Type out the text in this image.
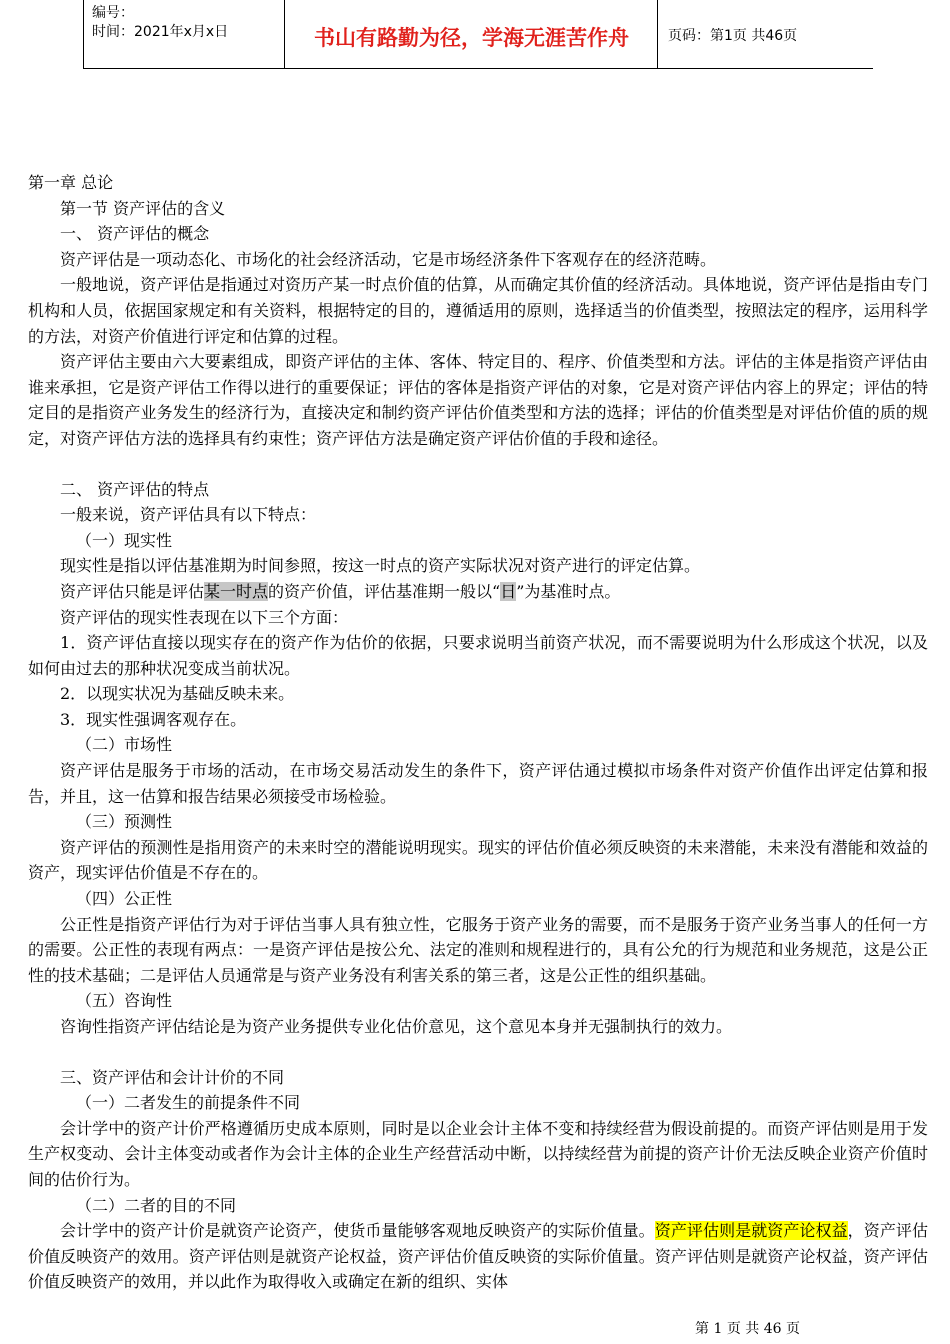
编号：
时间：2021年x月x日	书山有路勤为径，学海无涯苦作舟	页码：第1页 共46页

第一章 总论

第一节 资产评估的含义

一、 资产评估的概念

资产评估是一项动态化、市场化的社会经济活动，它是市场经济条件下客观存在的经济范畴。

一般地说，资产评估是指通过对资历产某一时点价值的估算，从而确定其价值的经济活动。具体地说，资产评估是指由专门机构和人员，依据国家规定和有关资料，根据特定的目的，遵循适用的原则，选择适当的价值类型，按照法定的程序，运用科学的方法，对资产价值进行评定和估算的过程。

资产评估主要由六大要素组成，即资产评估的主体、客体、特定目的、程序、价值类型和方法。评估的主体是指资产评估由谁来承担，它是资产评估工作得以进行的重要保证；评估的客体是指资产评估的对象，它是对资产评估内容上的界定；评估的特定目的是指资产业务发生的经济行为，直接决定和制约资产评估价值类型和方法的选择；评估的价值类型是对评估价值的质的规定，对资产评估方法的选择具有约束性；资产评估方法是确定资产评估价值的手段和途径。

二、 资产评估的特点

一般来说，资产评估具有以下特点：

（一）现实性

现实性是指以评估基准期为时间参照，按这一时点的资产实际状况对资产进行的评定估算。

资产评估只能是评估某一时点的资产价值，评估基准期一般以“日”为基准时点。

资产评估的现实性表现在以下三个方面：

1．资产评估直接以现实存在的资产作为估价的依据，只要求说明当前资产状况，而不需要说明为什么形成这个状况，以及如何由过去的那种状况变成当前状况。

2．以现实状况为基础反映未来。

3．现实性强调客观存在。

（二）市场性

资产评估是服务于市场的活动，在市场交易活动发生的条件下，资产评估通过模拟市场条件对资产价值作出评定估算和报告，并且，这一估算和报告结果必须接受市场检验。

（三）预测性

资产评估的预测性是指用资产的未来时空的潜能说明现实。现实的评估价值必须反映资的未来潜能，未来没有潜能和效益的资产，现实评估价值是不存在的。

（四）公正性

公正性是指资产评估行为对于评估当事人具有独立性，它服务于资产业务的需要，而不是服务于资产业务当事人的任何一方的需要。公正性的表现有两点：一是资产评估是按公允、法定的准则和规程进行的，具有公允的行为规范和业务规范，这是公正性的技术基础；二是评估人员通常是与资产业务没有利害关系的第三者，这是公正性的组织基础。

（五）咨询性

咨询性指资产评估结论是为资产业务提供专业化估价意见，这个意见本身并无强制执行的效力。

三、资产评估和会计计价的不同

（一）二者发生的前提条件不同

会计学中的资产计价严格遵循历史成本原则，同时是以企业会计主体不变和持续经营为假设前提的。而资产评估则是用于发生产权变动、会计主体变动或者作为会计主体的企业生产经营活动中断，以持续经营为前提的资产计价无法反映企业资产价值时间的估价行为。

（二）二者的目的不同

会计学中的资产计价是就资产论资产，使货币量能够客观地反映资产的实际价值量。资产评估则是就资产论权益，资产评估价值反映资产的效用。资产评估则是就资产论权益，资产评估价值反映资的实际价值量。资产评估则是就资产论权益，资产评估价值反映资产的效用，并以此作为取得收入或确定在新的组织、实体

第 1 页 共 46 页
